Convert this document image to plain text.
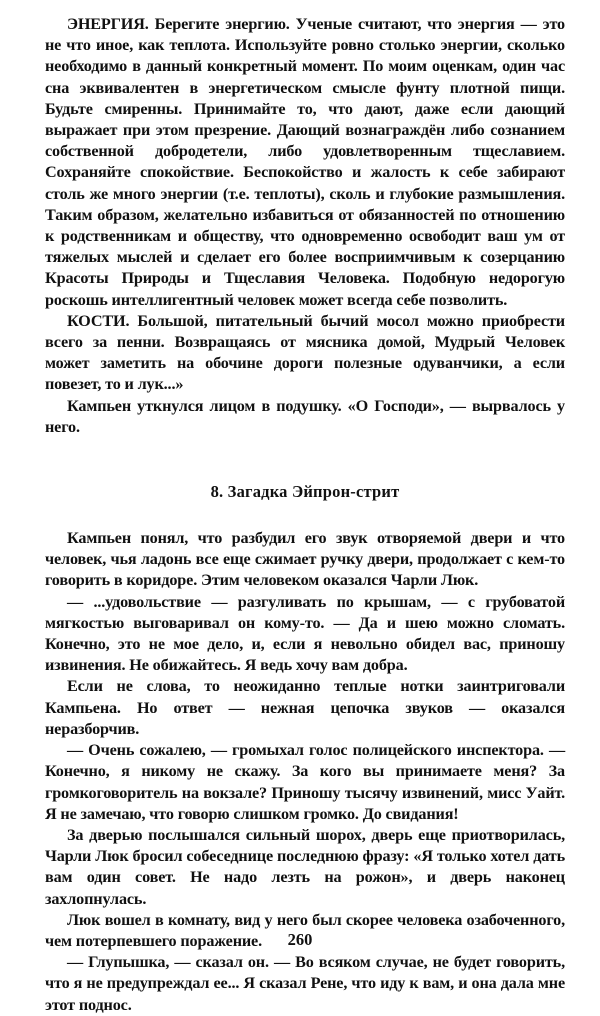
ЭНЕРГИЯ. Берегите энергию. Ученые считают, что энергия — это не что иное, как теплота. Используйте ровно столько энергии, сколько необходимо в данный конкретный момент. По моим оценкам, один час сна эквивалентен в энергетическом смысле фунту плотной пищи. Будьте смиренны. Принимайте то, что дают, даже если дающий выражает при этом презрение. Дающий вознаграждён либо сознанием собственной добродетели, либо удовлетворенным тщеславием. Сохраняйте спокойствие. Беспокойство и жалость к себе забирают столь же много энергии (т.е. теплоты), сколь и глубокие размышления. Таким образом, желательно избавиться от обязанностей по отношению к родственникам и обществу, что одновременно освободит ваш ум от тяжелых мыслей и сделает его более восприимчивым к созерцанию Красоты Природы и Тщеславия Человека. Подобную недорогую роскошь интеллигентный человек может всегда себе позволить.

КОСТИ. Большой, питательный бычий мосол можно приобрести всего за пенни. Возвращаясь от мясника домой, Мудрый Человек может заметить на обочине дороги полезные одуванчики, а если повезет, то и лук...»

Кампьен уткнулся лицом в подушку. «О Господи», — вырвалось у него.

8. Загадка Эйпрон-стрит

Кампьен понял, что разбудил его звук отворяемой двери и что человек, чья ладонь все еще сжимает ручку двери, продолжает с кем-то говорить в коридоре. Этим человеком оказался Чарли Люк.

— ...удовольствие — разгуливать по крышам, — с грубоватой мягкостью выговаривал он кому-то. — Да и шею можно сломать. Конечно, это не мое дело, и, если я невольно обидел вас, приношу извинения. Не обижайтесь. Я ведь хочу вам добра.

Если не слова, то неожиданно теплые нотки заинтриговали Кампьена. Но ответ — нежная цепочка звуков — оказался неразборчив.

— Очень сожалею, — громыхал голос полицейского инспектора. — Конечно, я никому не скажу. За кого вы принимаете меня? За громкоговоритель на вокзале? Приношу тысячу извинений, мисс Уайт. Я не замечаю, что говорю слишком громко. До свидания!

За дверью послышался сильный шорох, дверь еще приотворилась, Чарли Люк бросил собеседнице последнюю фразу: «Я только хотел дать вам один совет. Не надо лезть на рожон», и дверь наконец захлопнулась.

Люк вошел в комнату, вид у него был скорее человека озабоченного, чем потерпевшего поражение.

— Глупышка, — сказал он. — Во всяком случае, не будет говорить, что я не предупреждал ее... Я сказал Рене, что иду к вам, и она дала мне этот поднос.

260
